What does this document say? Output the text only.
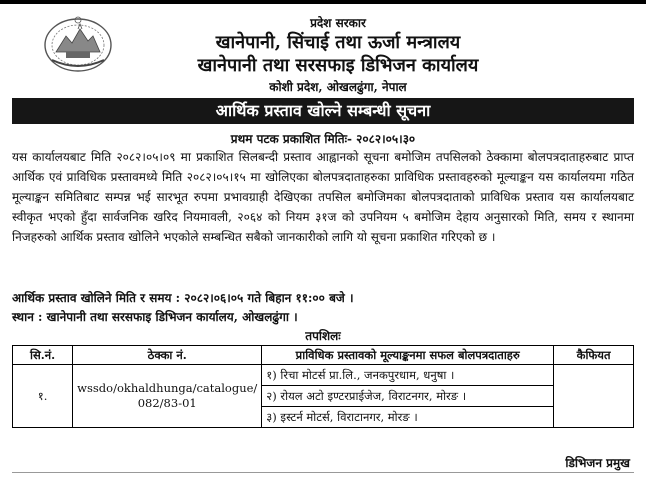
प्रदेश सरकार
खानेपानी, सिंचाई तथा ऊर्जा मन्त्रालय
खानेपानी तथा सरसफाइ डिभिजन कार्यालय
कोशी प्रदेश, ओखलढुंगा, नेपाल
आर्थिक प्रस्ताव खोल्ने सम्बन्धी सूचना
प्रथम पटक प्रकाशित मितिः- २०८२।०५।३०

यस कार्यालयबाट मिति २०८२।०५।०९ मा प्रकाशित सिलबन्दी प्रस्ताव आह्वानको सूचना बमोजिम तपसिलको ठेक्कामा बोलपत्रदाताहरुबाट प्राप्त आर्थिक एवं प्राविधिक प्रस्तावमध्ये मिति २०८२।०५।१५ मा खोलिएका बोलपत्रदाताहरुका प्राविधिक प्रस्तावहरुको मूल्याङ्कन यस कार्यालयमा गठित मूल्याङ्कन समितिबाट सम्पन्न भई सारभूत रुपमा प्रभावग्राही देखिएका तपसिल बमोजिमका बोलपत्रदाताको प्राविधिक प्रस्ताव यस कार्यालयबाट स्वीकृत भएको हुँदा सार्वजनिक खरिद नियमावली, २०६४ को नियम ३१ज को उपनियम ५ बमोजिम देहाय अनुसारको मिति, समय र स्थानमा निजहरुको आर्थिक प्रस्ताव खोलिने भएकोले सम्बन्धित सबैको जानकारीको लागि यो सूचना प्रकाशित गरिएको छ ।

आर्थिक प्रस्ताव खोलिने मिति र समय : २०८२।०६।०५ गते बिहान ११:०० बजे ।
स्थान : खानेपानी तथा सरसफाइ डिभिजन कार्यालय, ओखलढुंगा ।
तपशिलः
सि.नं.	ठेक्का नं.	प्राविधिक प्रस्तावको मूल्याङ्कनमा सफल बोलपत्रदाताहरु	कैफियत
१.	wssdo/okhaldhunga/catalogue/ 082/83-01	१) रिचा मोटर्स प्रा.लि., जनकपुरधाम, धनुषा ।	
		२) रोयल अटो इण्टरप्राईजेज, विराटनगर, मोरङ ।	
		३) इस्टर्न मोटर्स, विराटानगर, मोरङ ।	
डिभिजन प्रमुख
